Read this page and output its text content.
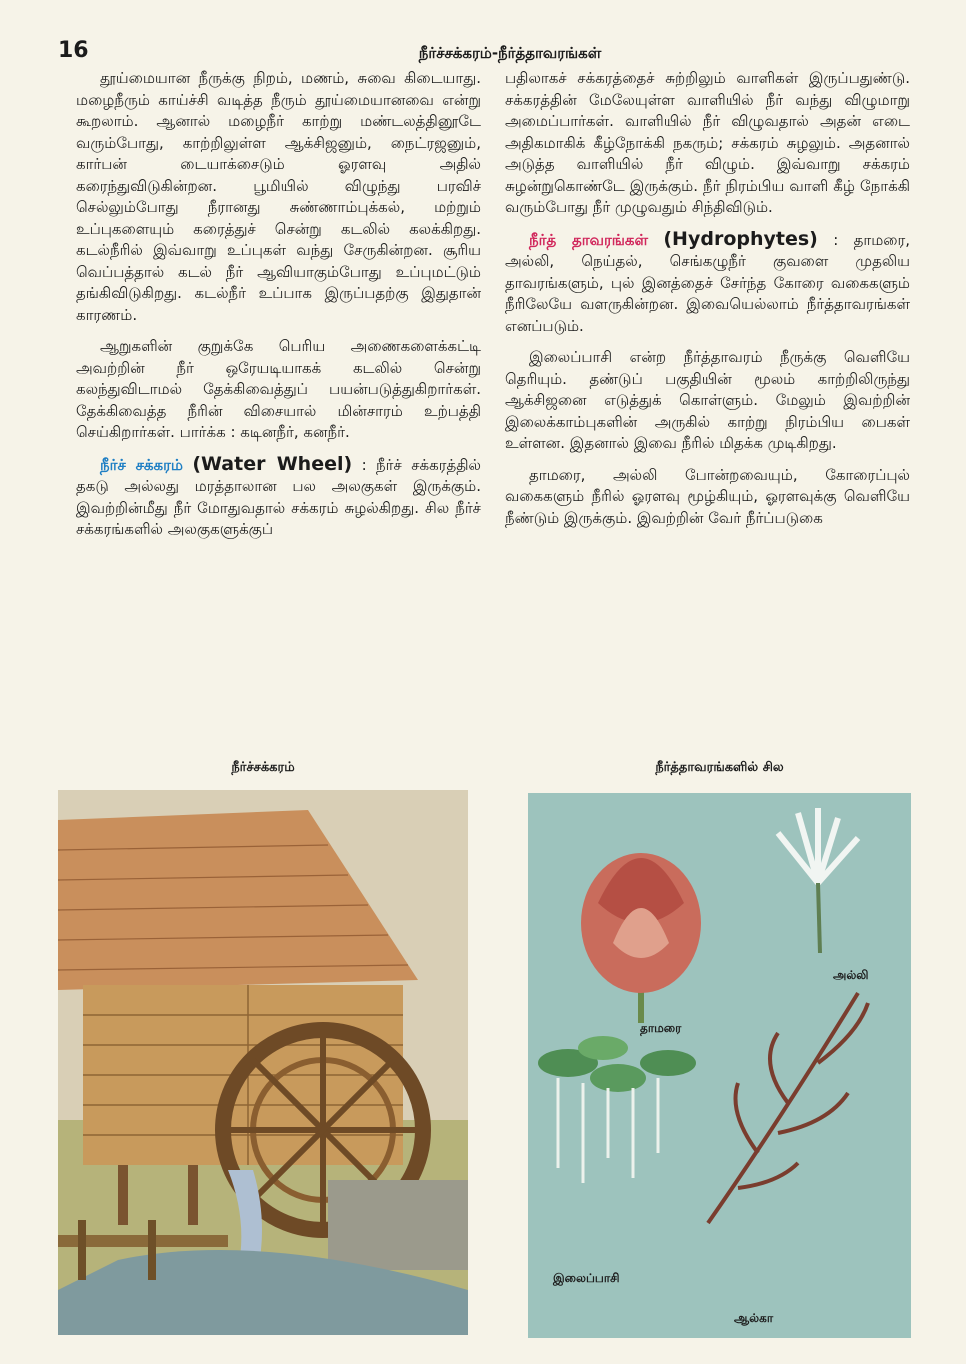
16	நீர்ச்சக்கரம்-நீர்த்தாவரங்கள்

தூய்மையான நீருக்கு நிறம், மணம், சுவை கிடையாது. மழைநீரும் காய்ச்சி வடித்த நீரும் தூய்மையானவை என்று கூறலாம். ஆனால் மழைநீர் காற்று மண்டலத்தினூடே வரும்போது, காற்றிலுள்ள ஆக்சிஜனும், நைட்ரஜனும், கார்பன் டையாக்சைடும் ஓரளவு அதில் கரைந்துவிடுகின்றன. பூமியில் விழுந்து பரவிச் செல்லும்போது நீரானது சுண்ணாம்புக்கல், மற்றும் உப்புகளையும் கரைத்துச் சென்று கடலில் கலக்கிறது. கடல்நீரில் இவ்வாறு உப்புகள் வந்து சேருகின்றன. சூரிய வெப்பத்தால் கடல் நீர் ஆவியாகும்போது உப்புமட்டும் தங்கிவிடுகிறது. கடல்நீர் உப்பாக இருப்பதற்கு இதுதான் காரணம்.

ஆறுகளின் குறுக்கே பெரிய அணைகளைக்கட்டி அவற்றின் நீர் ஒரேயடியாகக் கடலில் சென்று கலந்துவிடாமல் தேக்கிவைத்துப் பயன்படுத்துகிறார்கள். தேக்கிவைத்த நீரின் விசையால் மின்சாரம் உற்பத்தி செய்கிறார்கள். பார்க்க : கடினநீர், கனநீர்.

நீர்ச் சக்கரம் (Water Wheel) : நீர்ச் சக்கரத்தில் தகடு அல்லது மரத்தாலான பல அலகுகள் இருக்கும். இவற்றின்மீது நீர் மோதுவதால் சக்கரம் சுழல்கிறது. சில நீர்ச் சக்கரங்களில் அலகுகளுக்குப்

பதிலாகச் சக்கரத்தைச் சுற்றிலும் வாளிகள் இருப்பதுண்டு. சக்கரத்தின் மேலேயுள்ள வாளியில் நீர் வந்து விழுமாறு அமைப்பார்கள். வாளியில் நீர் விழுவதால் அதன் எடை அதிகமாகிக் கீழ்நோக்கி நகரும்; சக்கரம் சுழலும். அதனால் அடுத்த வாளியில் நீர் விழும். இவ்வாறு சக்கரம் சுழன்றுகொண்டே இருக்கும். நீர் நிரம்பிய வாளி கீழ் நோக்கி வரும்போது நீர் முழுவதும் சிந்திவிடும்.

நீர்த் தாவரங்கள் (Hydrophytes) : தாமரை, அல்லி, நெய்தல், செங்கழுநீர் குவளை முதலிய தாவரங்களும், புல் இனத்தைச் சேர்ந்த கோரை வகைகளும் நீரிலேயே வளருகின்றன. இவையெல்லாம் நீர்த்தாவரங்கள் எனப்படும்.

இலைப்பாசி என்ற நீர்த்தாவரம் நீருக்கு வெளியே தெரியும். தண்டுப் பகுதியின் மூலம் காற்றிலிருந்து ஆக்சிஜனை எடுத்துக் கொள்ளும். மேலும் இவற்றின் இலைக்காம்புகளின் அருகில் காற்று நிரம்பிய பைகள் உள்ளன. இதனால் இவை நீரில் மிதக்க முடிகிறது.

தாமரை, அல்லி போன்றவையும், கோரைப்புல் வகைகளும் நீரில் ஓரளவு மூழ்கியும், ஓரளவுக்கு வெளியே நீண்டும் இருக்கும். இவற்றின் வேர் நீர்ப்படுகை

நீர்ச்சக்கரம்	நீர்த்தாவரங்களில் சில
தாமரை
அல்லி
இலைப்பாசி
ஆல்கா
